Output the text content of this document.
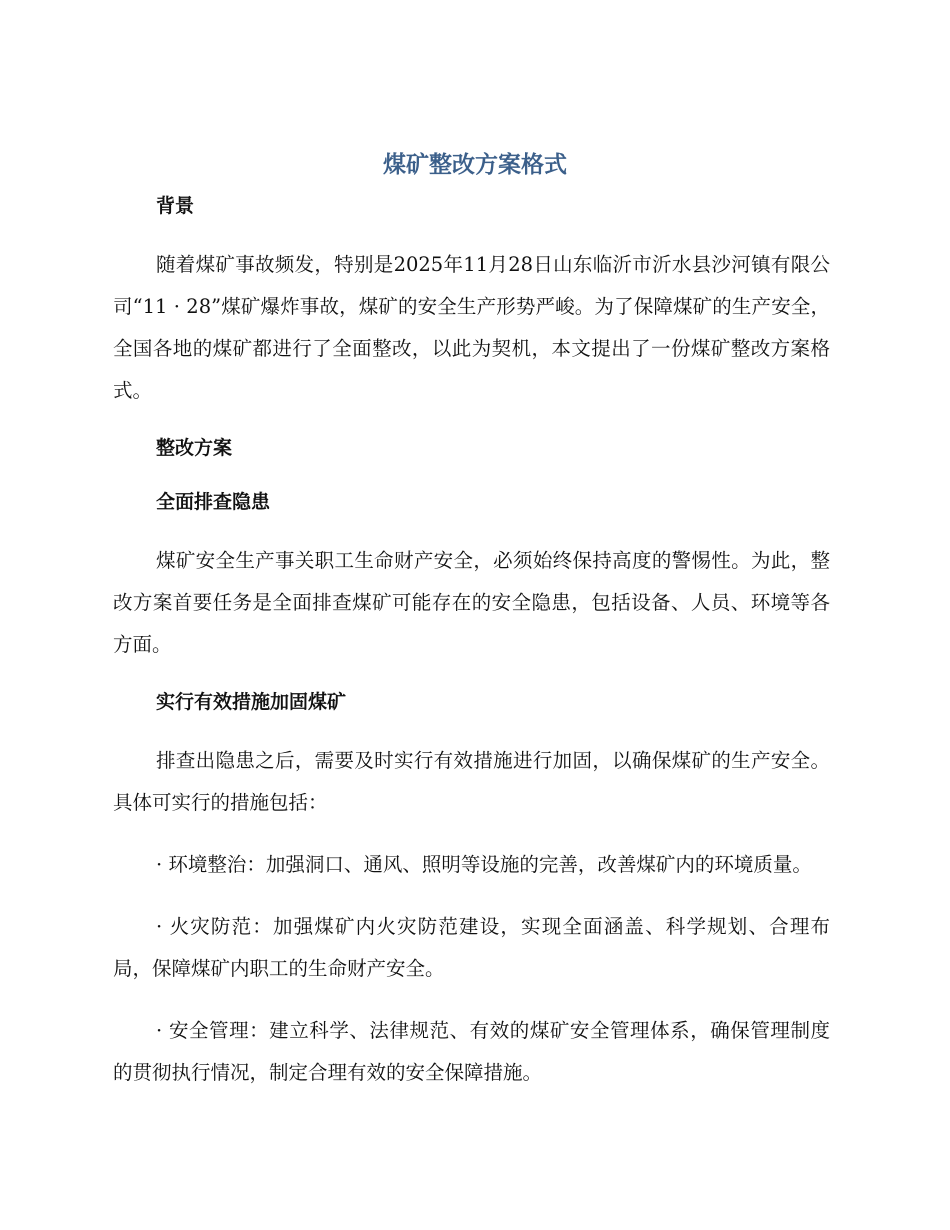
煤矿整改方案格式

背景

随着煤矿事故频发，特别是2025年11月28日山东临沂市沂水县沙河镇有限公司“11 · 28”煤矿爆炸事故，煤矿的安全生产形势严峻。为了保障煤矿的生产安全，全国各地的煤矿都进行了全面整改，以此为契机，本文提出了一份煤矿整改方案格式。

整改方案

全面排查隐患

煤矿安全生产事关职工生命财产安全，必须始终保持高度的警惕性。为此，整改方案首要任务是全面排查煤矿可能存在的安全隐患，包括设备、人员、环境等各方面。

实行有效措施加固煤矿

排查出隐患之后，需要及时实行有效措施进行加固，以确保煤矿的生产安全。具体可实行的措施包括：

· 环境整治：加强洞口、通风、照明等设施的完善，改善煤矿内的环境质量。

· 火灾防范：加强煤矿内火灾防范建设，实现全面涵盖、科学规划、合理布局，保障煤矿内职工的生命财产安全。

· 安全管理：建立科学、法律规范、有效的煤矿安全管理体系，确保管理制度的贯彻执行情况，制定合理有效的安全保障措施。
